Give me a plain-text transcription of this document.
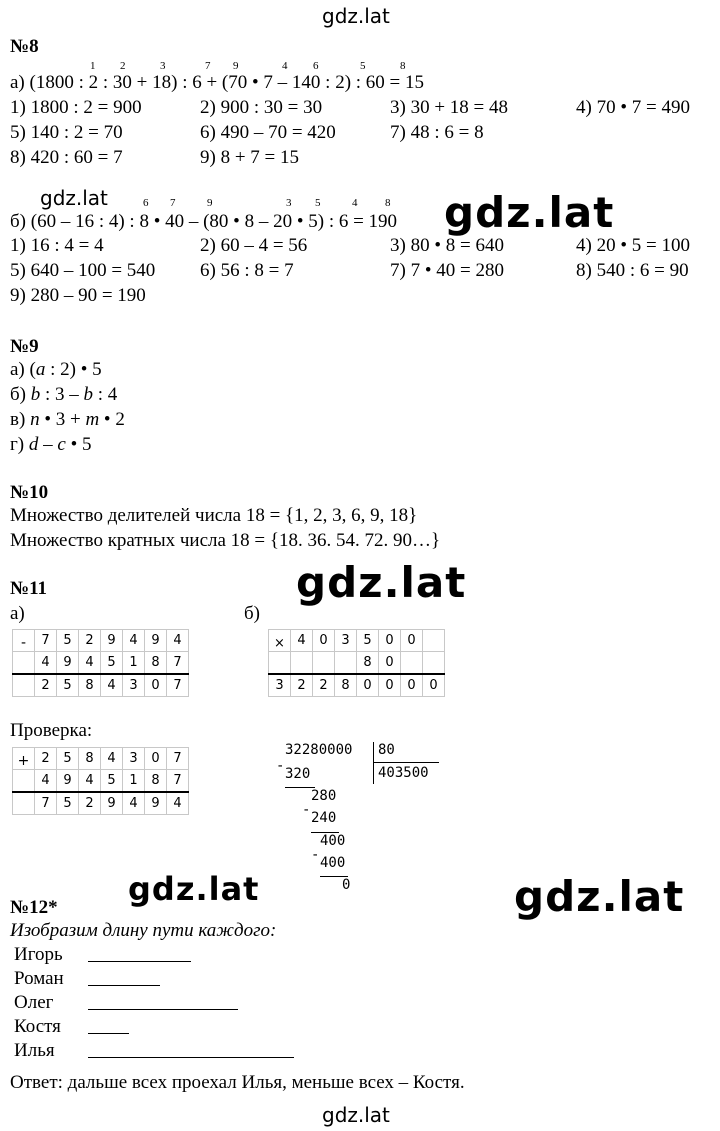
gdz.lat
gdz.lat	gdz.lat
gdz.lat
gdz.lat	gdz.lat
gdz.lat
№8
1 2	3	7 9	4 6	5	8
а) (1800 : 2 : 30 + 18) : 6 + (70 • 7 – 140 : 2) : 60 = 15
1) 1800 : 2 = 900	2) 900 : 30 = 30	3) 30 + 18 = 48	4) 70 • 7 = 490
5) 140 : 2 = 70	6) 490 – 70 = 420	7) 48 : 6 = 8
8) 420 : 60 = 7	9) 8 + 7 = 15
6 7	9	3 5	4	8
б) (60 – 16 : 4) : 8 • 40 – (80 • 8 – 20 • 5) : 6 = 190
1) 16 : 4 = 4	2) 60 – 4 = 56	3) 80 • 8 = 640	4) 20 • 5 = 100
5) 640 – 100 = 540 6) 56 : 8 = 7	7) 7 • 40 = 280	8) 540 : 6 = 90
9) 280 – 90 = 190
№9
а) (a : 2) • 5
б) b : 3 – b : 4
в) n • 3 + m • 2
г) d – c • 5
№10
Множество делителей числа 18 = {1, 2, 3, 6, 9, 18}
Множество кратных числа 18 = {18. 36. 54. 72. 90…}
№11
а)	б)
-	7	5	2	9	4	9	4
	4	9	4	5	1	8	7
	2	5	8	4	3	0	7
×	4	0	3	5	0	0	
				8	0		
3	2	2	8	0	0	0	0
Проверка:
+	2	5	8	4	3	0	7
	4	9	4	5	1	8	7
	7	5	2	9	4	9	4
32280000 80
403500
320
-
280
240
-
400
400
-
0
№12*
Изобразим длину пути каждого:
Игорь
Роман
Олег
Костя
Илья
Ответ: дальше всех проехал Илья, меньше всех – Костя.
